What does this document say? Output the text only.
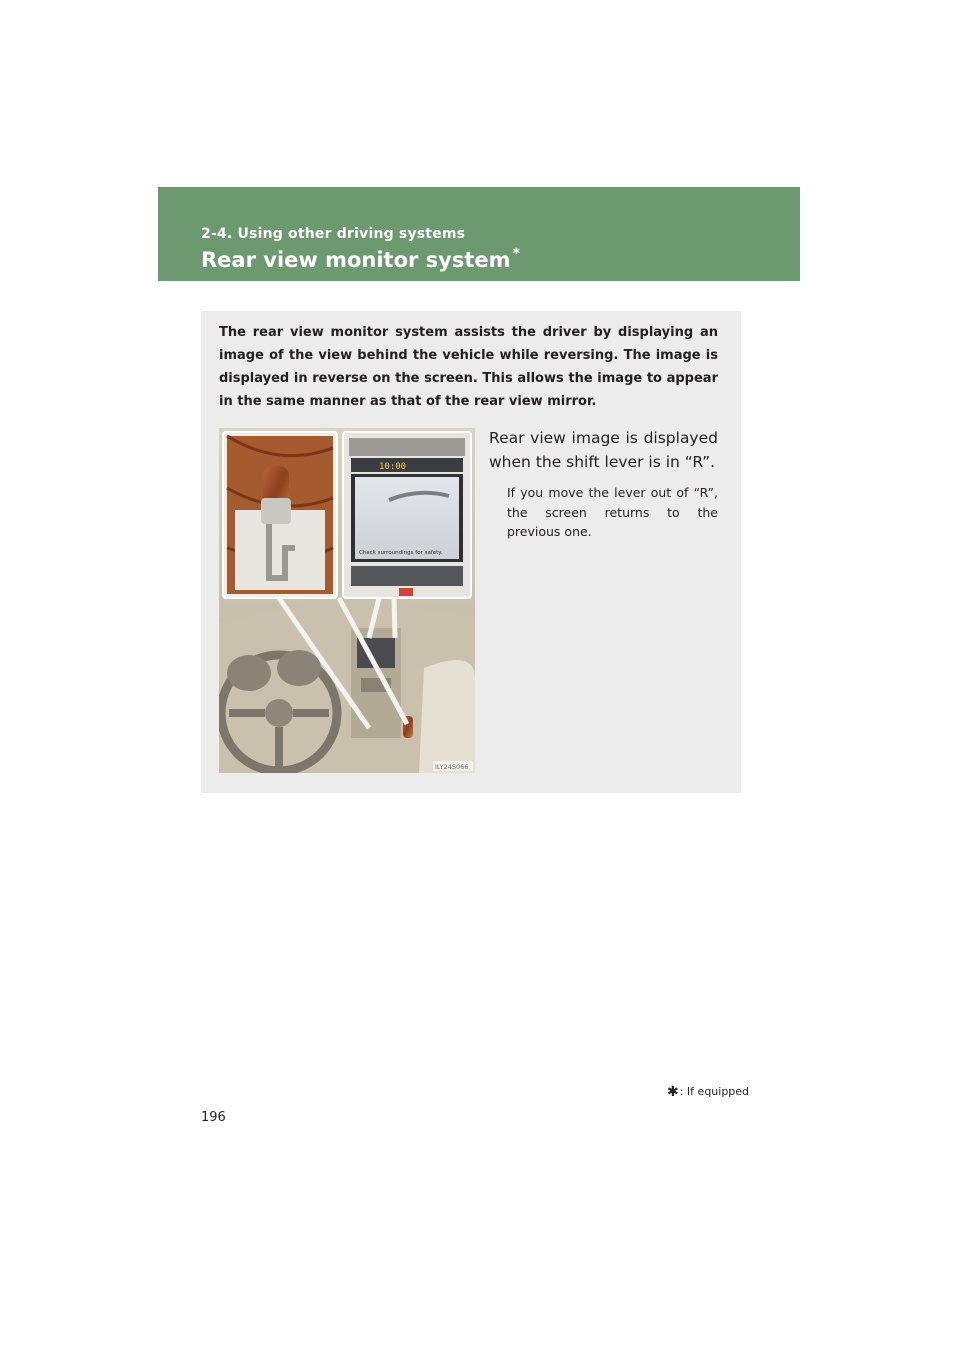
2-4. Using other driving systems
Rear view monitor system *

The rear view monitor system assists the driver by displaying an image of the view behind the vehicle while reversing. The image is displayed in reverse on the screen. This allows the image to appear in the same manner as that of the rear view mirror.

10:00
Check surroundings for safety.
ILY24S066

Rear view image is displayed when the shift lever is in “R”.

If you move the lever out of “R”, the screen returns to the previous one.

✱: If equipped
196
